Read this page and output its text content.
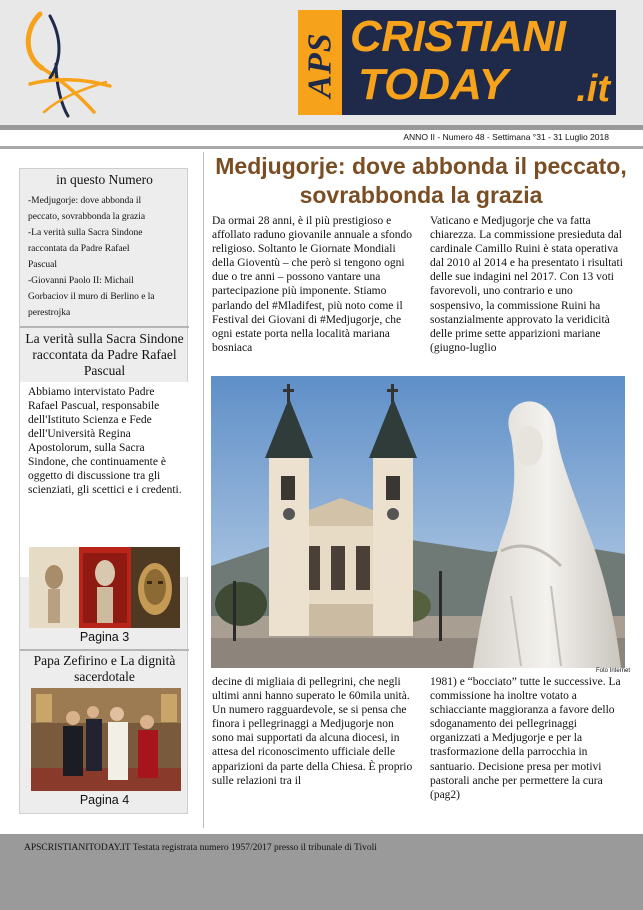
APS CRISTIANI
TODAY .it
ANNO II - Numero 48 - Settimana °31 - 31 Luglio 2018
in questo Numero
-Medjugorje: dove abbonda il
peccato, sovrabbonda la grazia
-La verità sulla Sacra Sindone
raccontata da Padre Rafael
Pascual
-Giovanni Paolo II: Michail
Gorbaciov il muro di Berlino e la
perestrojka
La verità sulla Sacra Sindone raccontata da Padre Rafael Pascual
Abbiamo intervistato Padre Rafael Pascual, responsabile dell'Istituto Scienza e Fede dell'Università Regina Apostolorum, sulla Sacra Sindone, che continuamente è oggetto di discussione tra gli scienziati, gli scettici e i credenti.
Pagina 3
Papa Zefirino e La dignità sacerdotale
Pagina 4
Medjugorje: dove abbonda il peccato, sovrabbonda la grazia
Da ormai 28 anni, è il più prestigioso e affollato raduno giovanile annuale a sfondo religioso. Soltanto le Giornate Mondiali della Gioventù – che però si tengono ogni due o tre anni – possono vantare una partecipazione più imponente. Stiamo parlando del #Mladifest, più noto come il Festival dei Giovani di #Medjugorje, che ogni estate porta nella località mariana bosniaca
Vaticano e Medjugorje che va fatta chiarezza. La commissione presieduta dal cardinale Camillo Ruini è stata operativa dal 2010 al 2014 e ha presentato i risultati delle sue indagini nel 2017. Con 13 voti favorevoli, uno contrario e uno sospensivo, la commissione Ruini ha sostanzialmente approvato la veridicità delle prime sette apparizioni mariane (giugno-luglio
Foto Internet
decine di migliaia di pellegrini, che negli ultimi anni hanno superato le 60mila unità. Un numero ragguardevole, se si pensa che finora i pellegrinaggi a Medjugorje non sono mai supportati da alcuna diocesi, in attesa del riconoscimento ufficiale delle apparizioni da parte della Chiesa. È proprio sulle relazioni tra il
1981) e “bocciato” tutte le successive. La commissione ha inoltre votato a schiacciante maggioranza a favore dello sdoganamento dei pellegrinaggi organizzati a Medjugorje e per la trasformazione della parrocchia in santuario. Decisione presa per motivi pastorali anche per permettere la cura (pag2)
APSCRISTIANITODAY.IT Testata registrata numero 1957/2017 presso il tribunale di Tivoli
